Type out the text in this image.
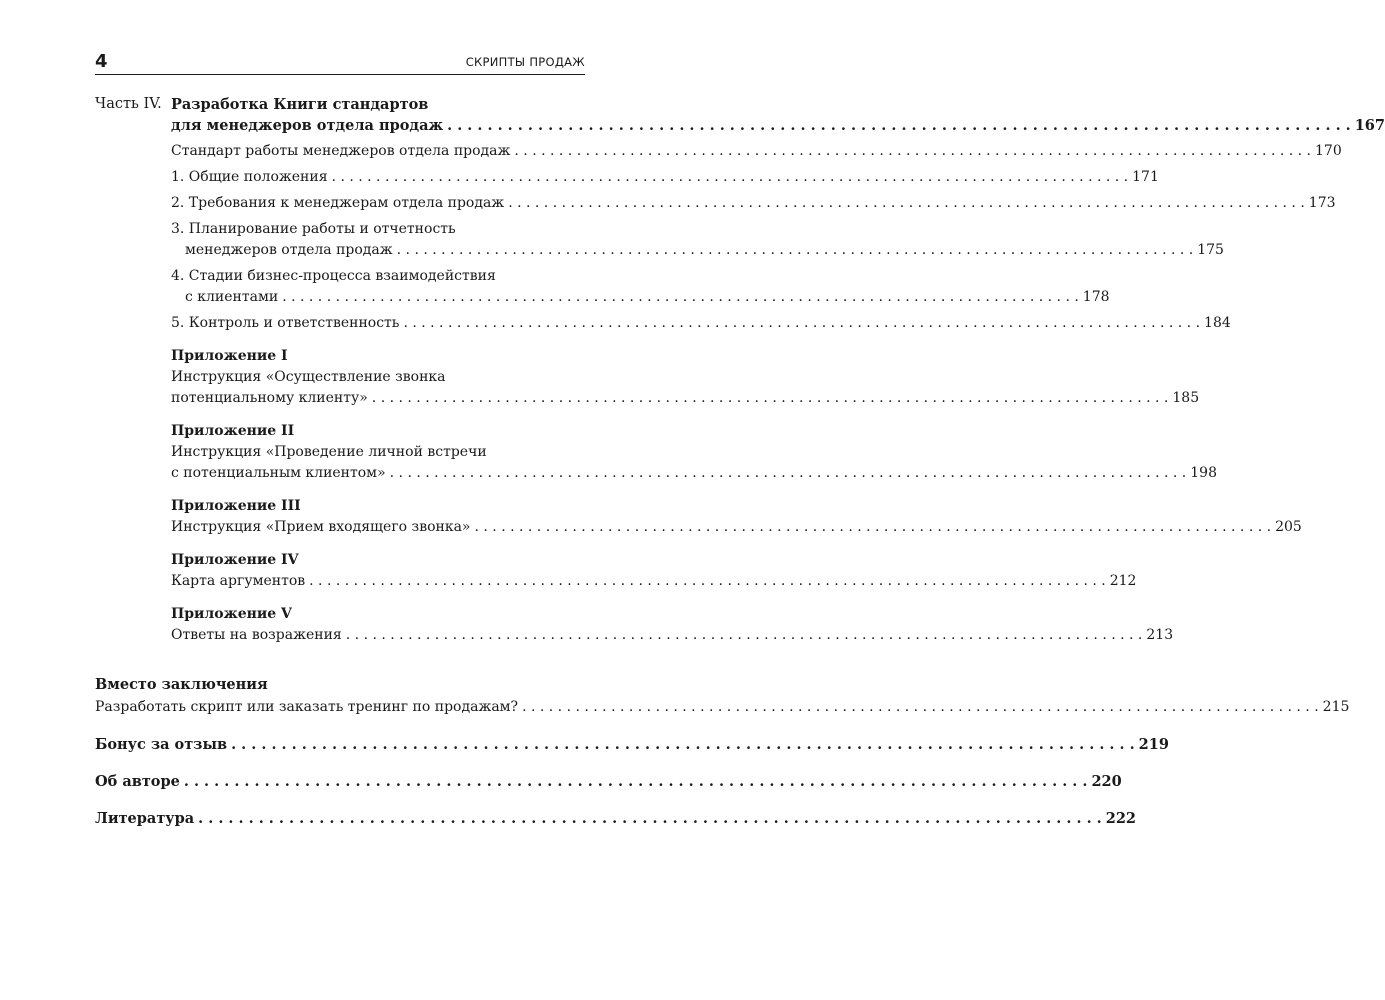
4	СКРИПТЫ ПРОДАЖ
Часть IV. Разработка Книги стандартов
для менеджеров отдела продаж . . .	167
Стандарт работы менеджеров отдела продаж . . .	170
1. Общие положения . . .	171
2. Требования к менеджерам отдела продаж . . .	173
3. Планирование работы и отчетность
менеджеров отдела продаж . . .	175
4. Стадии бизнес-процесса взаимодействия
с клиентами . . .	178
5. Контроль и ответственность . . .	184
Приложение I
Инструкция «Осуществление звонка
потенциальному клиенту» . . .	185
Приложение II
Инструкция «Проведение личной встречи
с потенциальным клиентом» . . .	198
Приложение III
Инструкция «Прием входящего звонка» . . .	205
Приложение IV
Карта аргументов . . .	212
Приложение V
Ответы на возражения . . .	213
Вместо заключения
Разработать скрипт или заказать тренинг по продажам? . . .	215
Бонус за отзыв . . .	219
Об авторе . . .	220
Литература . . .	222
